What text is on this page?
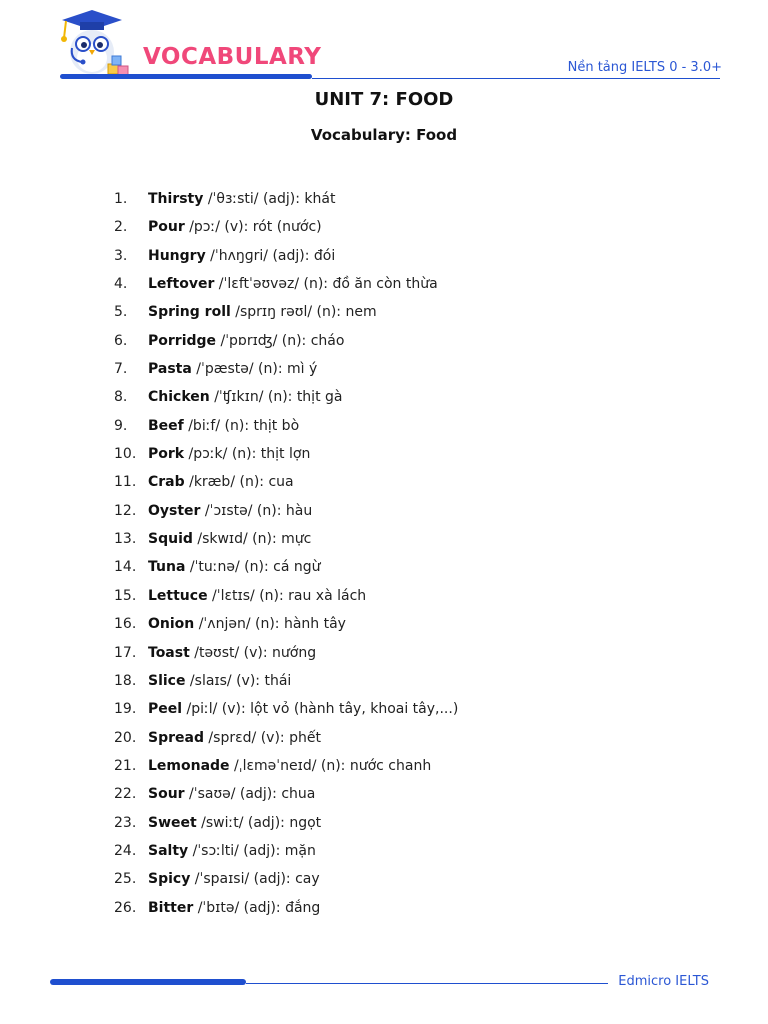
VOCABULARY	Nền tảng IELTS 0 - 3.0+
UNIT 7: FOOD
Vocabulary: Food
1.	Thirsty /ˈθɜːsti/ (adj): khát
2.	Pour /pɔː/ (v): rót (nước)
3.	Hungry /ˈhʌŋɡri/ (adj): đói
4.	Leftover /ˈlɛftˈəʊvəz/ (n): đồ ăn còn thừa
5.	Spring roll /sprɪŋ rəʊl/ (n): nem
6.	Porridge /ˈpɒrɪʤ/ (n): cháo
7.	Pasta /ˈpæstə/ (n): mì ý
8.	Chicken /ˈʧɪkɪn/ (n): thịt gà
9.	Beef /biːf/ (n): thịt bò
10. Pork /pɔːk/ (n): thịt lợn
11. Crab /kræb/ (n): cua
12. Oyster /ˈɔɪstə/ (n): hàu
13. Squid /skwɪd/ (n): mực
14. Tuna /ˈtuːnə/ (n): cá ngừ
15. Lettuce /ˈlɛtɪs/ (n): rau xà lách
16. Onion /ˈʌnjən/ (n): hành tây
17. Toast /təʊst/ (v): nướng
18. Slice /slaɪs/ (v): thái
19. Peel /piːl/ (v): lột vỏ (hành tây, khoai tây,...)
20. Spread /sprɛd/ (v): phết
21. Lemonade /ˌlɛməˈneɪd/ (n): nước chanh
22. Sour /ˈsaʊə/ (adj): chua
23. Sweet /swiːt/ (adj): ngọt
24. Salty /ˈsɔːlti/ (adj): mặn
25. Spicy /ˈspaɪsi/ (adj): cay
26. Bitter /ˈbɪtə/ (adj): đắng
Edmicro IELTS
